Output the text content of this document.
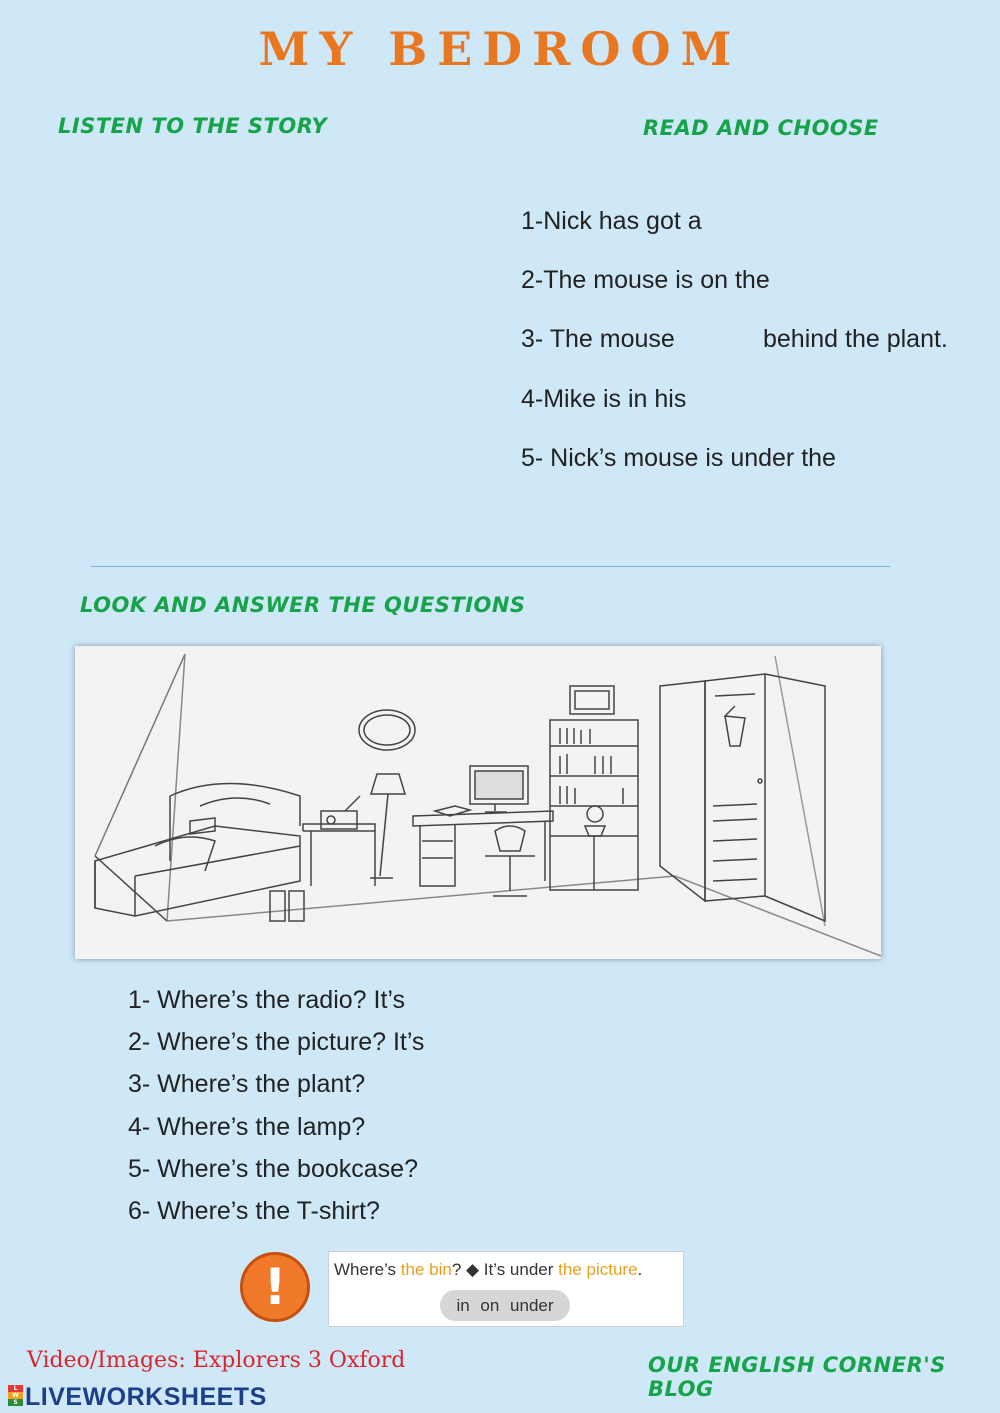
MY BEDROOM
LISTEN TO THE STORY	READ AND CHOOSE
1-Nick has got a
2-The mouse is on the
3- The mouse	behind the plant.
4-Mike is in his
5- Nick’s mouse is under the
LOOK AND ANSWER THE QUESTIONS
1- Where’s the radio? It’s
2- Where’s the picture? It’s
3- Where’s the plant?
4- Where’s the lamp?
5- Where’s the bookcase?
6- Where’s the T-shirt?
!	Where’s the bin? ◆ It’s under the picture.
in on under
Video/Images: Explorers 3 Oxford	OUR ENGLISH CORNER'S BLOG
L
W
S LIVEWORKSHEETS
